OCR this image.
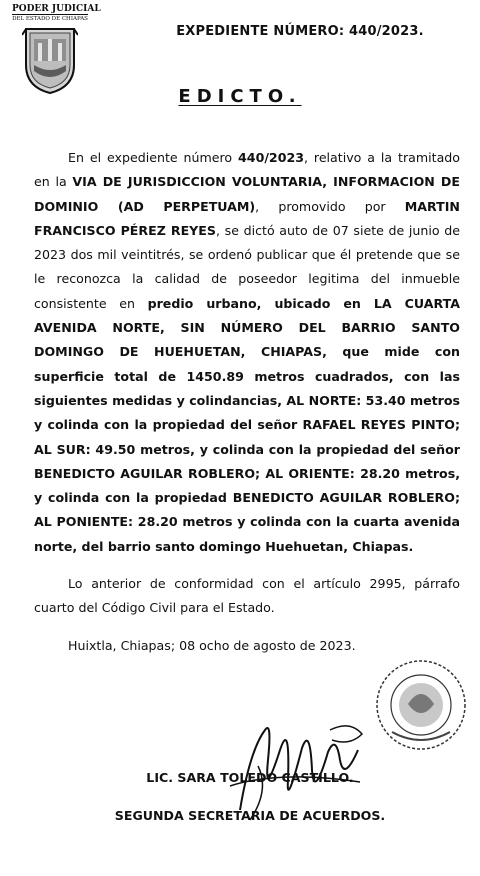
PODER JUDICIAL
DEL ESTADO DE CHIAPAS
EXPEDIENTE NÚMERO: 440/2023.
EDICTO.

En el expediente número 440/2023, relativo a la tramitado en la VIA DE JURISDICCION VOLUNTARIA, INFORMACION DE DOMINIO (AD PERPETUAM), promovido por MARTIN FRANCISCO PÉREZ REYES, se dictó auto de 07 siete de junio de 2023 dos mil veintitrés, se ordenó publicar que él pretende que se le reconozca la calidad de poseedor legitima del inmueble consistente en predio urbano, ubicado en LA CUARTA AVENIDA NORTE, SIN NÚMERO DEL BARRIO SANTO DOMINGO DE HUEHUETAN, CHIAPAS, que mide con superficie total de 1450.89 metros cuadrados, con las siguientes medidas y colindancias, AL NORTE: 53.40 metros y colinda con la propiedad del señor RAFAEL REYES PINTO; AL SUR: 49.50 metros, y colinda con la propiedad del señor BENEDICTO AGUILAR ROBLERO; AL ORIENTE: 28.20 metros, y colinda con la propiedad BENEDICTO AGUILAR ROBLERO; AL PONIENTE: 28.20 metros y colinda con la cuarta avenida norte, del barrio santo domingo Huehuetan, Chiapas.

Lo anterior de conformidad con el artículo 2995, párrafo cuarto del Código Civil para el Estado.

Huixtla, Chiapas; 08 ocho de agosto de 2023.

LIC. SARA TOLEDO CASTILLO.
SEGUNDA SECRETARIA DE ACUERDOS.
